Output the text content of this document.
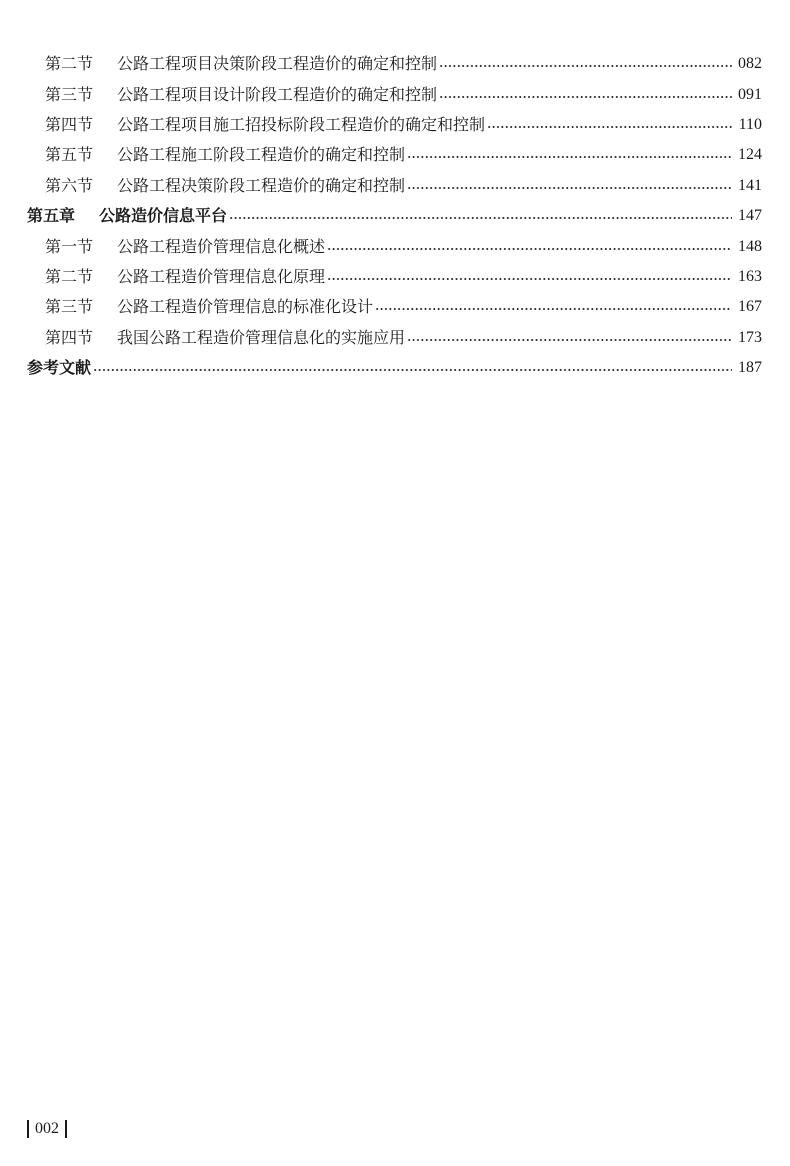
第二节	公路工程项目决策阶段工程造价的确定和控制	082
第三节	公路工程项目设计阶段工程造价的确定和控制	091
第四节	公路工程项目施工招投标阶段工程造价的确定和控制	110
第五节	公路工程施工阶段工程造价的确定和控制	124
第六节	公路工程决策阶段工程造价的确定和控制	141
第五章	公路造价信息平台	147
第一节	公路工程造价管理信息化概述	148
第二节	公路工程造价管理信息化原理	163
第三节	公路工程造价管理信息的标准化设计	167
第四节	我国公路工程造价管理信息化的实施应用	173
参考文献	187
002
